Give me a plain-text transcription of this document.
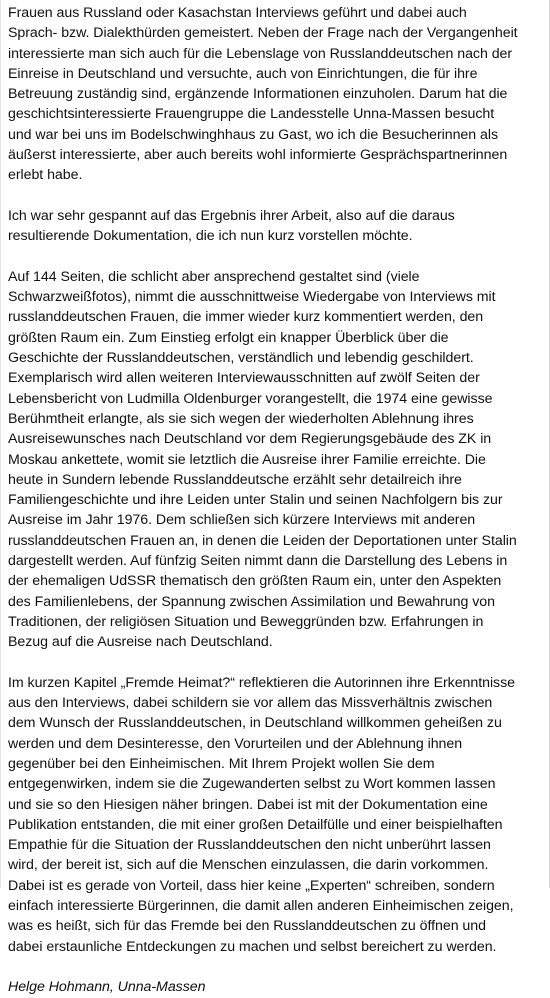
Frauen aus Russland oder Kasachstan Interviews geführt und dabei auch
Sprach- bzw. Dialekthürden gemeistert. Neben der Frage nach der Vergangenheit
interessierte man sich auch für die Lebenslage von Russlanddeutschen nach der
Einreise in Deutschland und versuchte, auch von Einrichtungen, die für ihre
Betreuung zuständig sind, ergänzende Informationen einzuholen. Darum hat die
geschichtsinteressierte Frauengruppe die Landesstelle Unna-Massen besucht
und war bei uns im Bodelschwinghhaus zu Gast, wo ich die Besucherinnen als
äußerst interessierte, aber auch bereits wohl informierte Gesprächspartnerinnen
erlebt habe.

Ich war sehr gespannt auf das Ergebnis ihrer Arbeit, also auf die daraus
resultierende Dokumentation, die ich nun kurz vorstellen möchte.

Auf 144 Seiten, die schlicht aber ansprechend gestaltet sind (viele
Schwarzweißfotos), nimmt die ausschnittweise Wiedergabe von Interviews mit
russlanddeutschen Frauen, die immer wieder kurz kommentiert werden, den
größten Raum ein. Zum Einstieg erfolgt ein knapper Überblick über die
Geschichte der Russlanddeutschen, verständlich und lebendig geschildert.
Exemplarisch wird allen weiteren Interviewausschnitten auf zwölf Seiten der
Lebensbericht von Ludmilla Oldenburger vorangestellt, die 1974 eine gewisse
Berühmtheit erlangte, als sie sich wegen der wiederholten Ablehnung ihres
Ausreisewunsches nach Deutschland vor dem Regierungsgebäude des ZK in
Moskau ankettete, womit sie letztlich die Ausreise ihrer Familie erreichte. Die
heute in Sundern lebende Russlanddeutsche erzählt sehr detailreich ihre
Familiengeschichte und ihre Leiden unter Stalin und seinen Nachfolgern bis zur
Ausreise im Jahr 1976. Dem schließen sich kürzere Interviews mit anderen
russlanddeutschen Frauen an, in denen die Leiden der Deportationen unter Stalin
dargestellt werden. Auf fünfzig Seiten nimmt dann die Darstellung des Lebens in
der ehemaligen UdSSR thematisch den größten Raum ein, unter den Aspekten
des Familienlebens, der Spannung zwischen Assimilation und Bewahrung von
Traditionen, der religiösen Situation und Beweggründen bzw. Erfahrungen in
Bezug auf die Ausreise nach Deutschland.

Im kurzen Kapitel „Fremde Heimat?“ reflektieren die Autorinnen ihre Erkenntnisse
aus den Interviews, dabei schildern sie vor allem das Missverhältnis zwischen
dem Wunsch der Russlanddeutschen, in Deutschland willkommen geheißen zu
werden und dem Desinteresse, den Vorurteilen und der Ablehnung ihnen
gegenüber bei den Einheimischen. Mit Ihrem Projekt wollen Sie dem
entgegenwirken, indem sie die Zugewanderten selbst zu Wort kommen lassen
und sie so den Hiesigen näher bringen. Dabei ist mit der Dokumentation eine
Publikation entstanden, die mit einer großen Detailfülle und einer beispielhaften
Empathie für die Situation der Russlanddeutschen den nicht unberührt lassen
wird, der bereit ist, sich auf die Menschen einzulassen, die darin vorkommen.
Dabei ist es gerade von Vorteil, dass hier keine „Experten“ schreiben, sondern
einfach interessierte Bürgerinnen, die damit allen anderen Einheimischen zeigen,
was es heißt, sich für das Fremde bei den Russlanddeutschen zu öffnen und
dabei erstaunliche Entdeckungen zu machen und selbst bereichert zu werden.

Helge Hohmann, Unna-Massen
